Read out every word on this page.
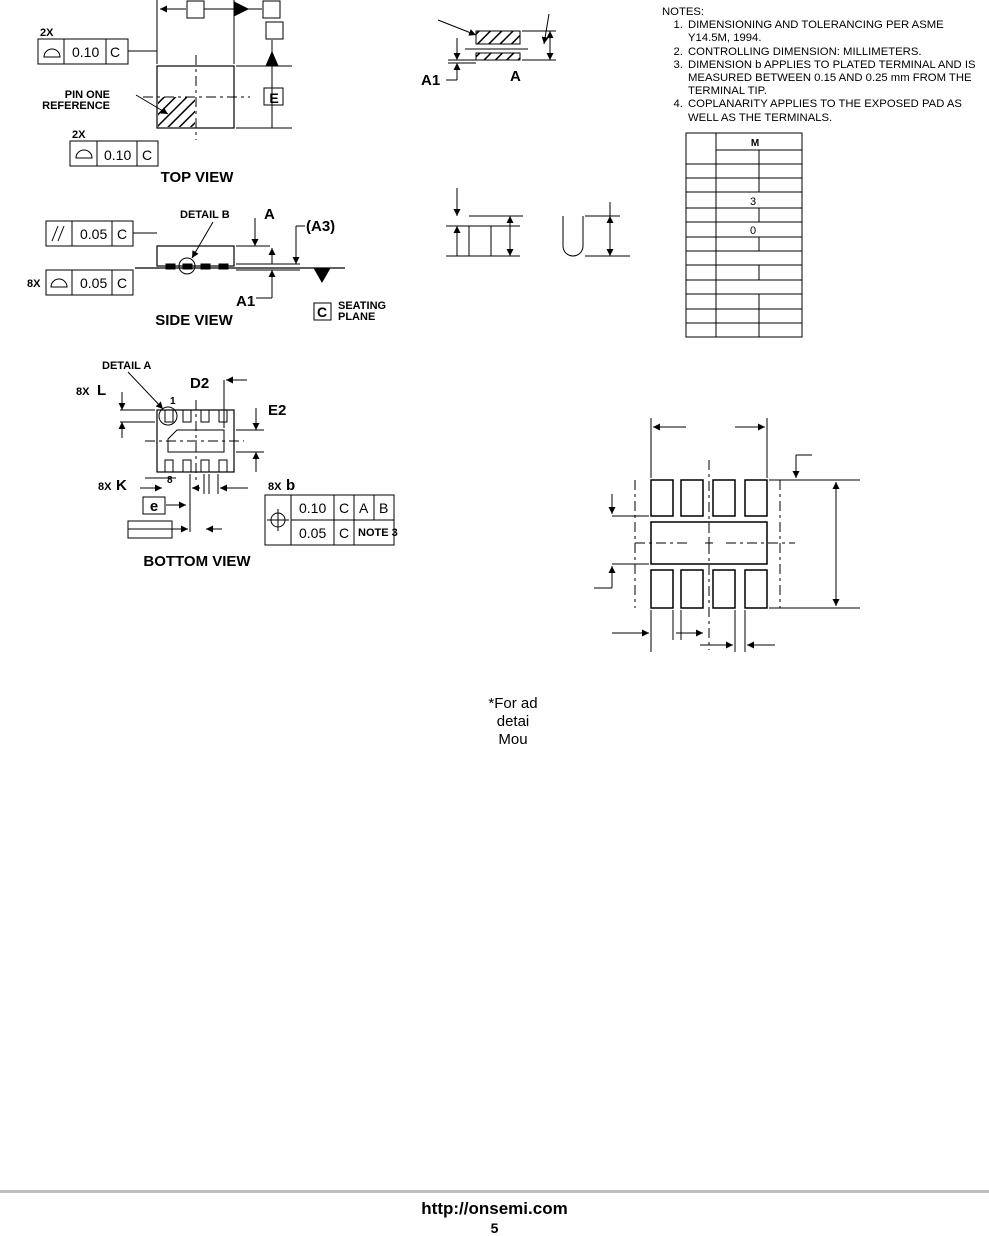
2X
0.10 C
PIN ONE
REFERENCE	E
2X
0.10 C
TOP VIEW
DETAIL B A
(A3)
0.05 C
8X	0.05 C
A1
C SEATING
PLANE
SIDE VIEW
DETAIL A
D2
8X L
1
E2
8
8X K	8X b
e	0.10 C A B
0.05 C NOTE 3
BOTTOM VIEW
A1	A
M
3
0

NOTES:

1. DIMENSIONING AND TOLERANCING PER ASME Y14.5M, 1994.
2. CONTROLLING DIMENSION: MILLIMETERS.
3. DIMENSION b APPLIES TO PLATED TERMINAL AND IS MEASURED BETWEEN 0.15 AND 0.25 mm FROM THE TERMINAL TIP.
4. COPLANARITY APPLIES TO THE EXPOSED PAD AS WELL AS THE TERMINALS.
*For ad
detai
Mou
http://onsemi.com
5
